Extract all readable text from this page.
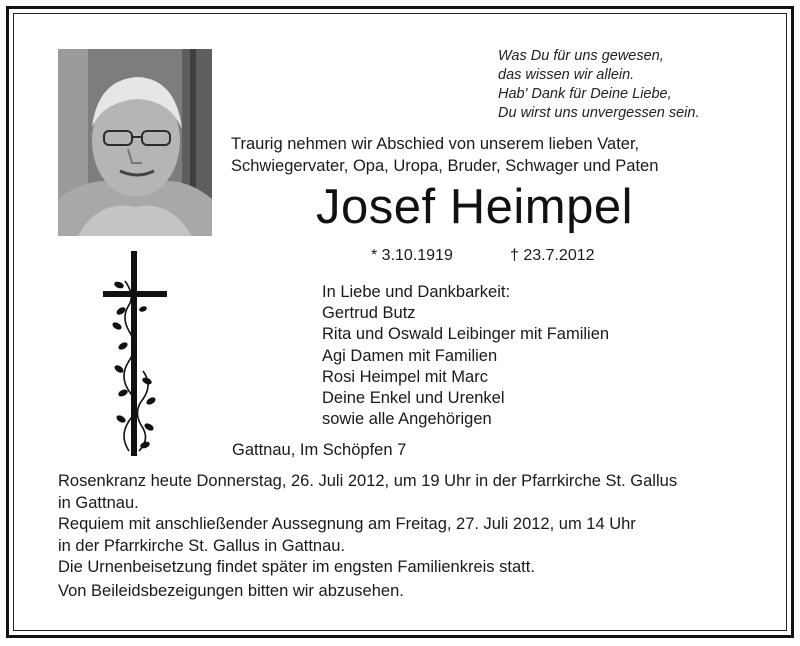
Was Du für uns gewesen,
das wissen wir allein.
Hab' Dank für Deine Liebe,
Du wirst uns unvergessen sein.
Traurig nehmen wir Abschied von unserem lieben Vater,
Schwiegervater, Opa, Uropa, Bruder, Schwager und Paten
Josef Heimpel
* 3.10.1919	† 23.7.2012
In Liebe und Dankbarkeit:
Gertrud Butz
Rita und Oswald Leibinger mit Familien
Agi Damen mit Familien
Rosi Heimpel mit Marc
Deine Enkel und Urenkel
sowie alle Angehörigen
Gattnau, Im Schöpfen 7
Rosenkranz heute Donnerstag, 26. Juli 2012, um 19 Uhr in der Pfarrkirche St. Gallus
in Gattnau.
Requiem mit anschließender Aussegnung am Freitag, 27. Juli 2012, um 14 Uhr
in der Pfarrkirche St. Gallus in Gattnau.
Die Urnenbeisetzung findet später im engsten Familienkreis statt.
Von Beileidsbezeigungen bitten wir abzusehen.
